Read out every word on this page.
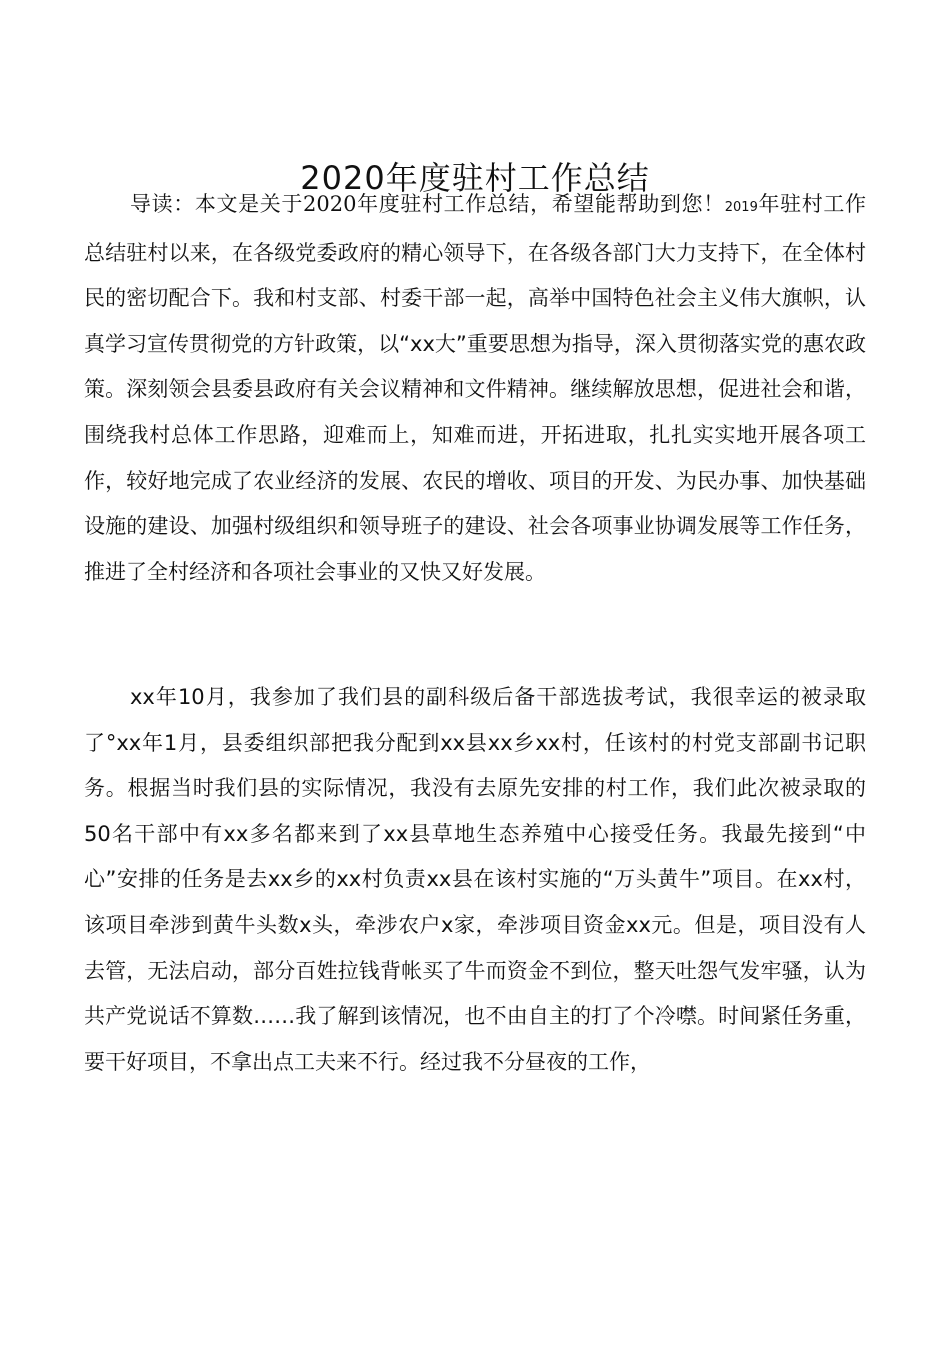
2020年度驻村工作总结

导读：本文是关于2020年度驻村工作总结，希望能帮助到您！2019年驻村工作总结驻村以来，在各级党委政府的精心领导下，在各级各部门大力支持下，在全体村民的密切配合下。我和村支部、村委干部一起，高举中国特色社会主义伟大旗帜，认真学习宣传贯彻党的方针政策，以“xx大”重要思想为指导，深入贯彻落实党的惠农政策。深刻领会县委县政府有关会议精神和文件精神。继续解放思想，促进社会和谐，围绕我村总体工作思路，迎难而上，知难而进，开拓进取，扎扎实实地开展各项工作，较好地完成了农业经济的发展、农民的增收、项目的开发、为民办事、加快基础设施的建设、加强村级组织和领导班子的建设、社会各项事业协调发展等工作任务，推进了全村经济和各项社会事业的又快又好发展。

xx年10月，我参加了我们县的副科级后备干部选拔考试，我很幸运的被录取了°xx年1月，县委组织部把我分配到xx县xx乡xx村，任该村的村党支部副书记职务。根据当时我们县的实际情况，我没有去原先安排的村工作，我们此次被录取的50名干部中有xx多名都来到了xx县草地生态养殖中心接受任务。我最先接到“中心”安排的任务是去xx乡的xx村负责xx县在该村实施的“万头黄牛”项目。在xx村，该项目牵涉到黄牛头数x头，牵涉农户x家，牵涉项目资金xx元。但是，项目没有人去管，无法启动，部分百姓拉钱背帐买了牛而资金不到位，整天吐怨气发牢骚，认为共产党说话不算数……我了解到该情况，也不由自主的打了个冷噤。时间紧任务重，要干好项目，不拿出点工夫来不行。经过我不分昼夜的工作，
